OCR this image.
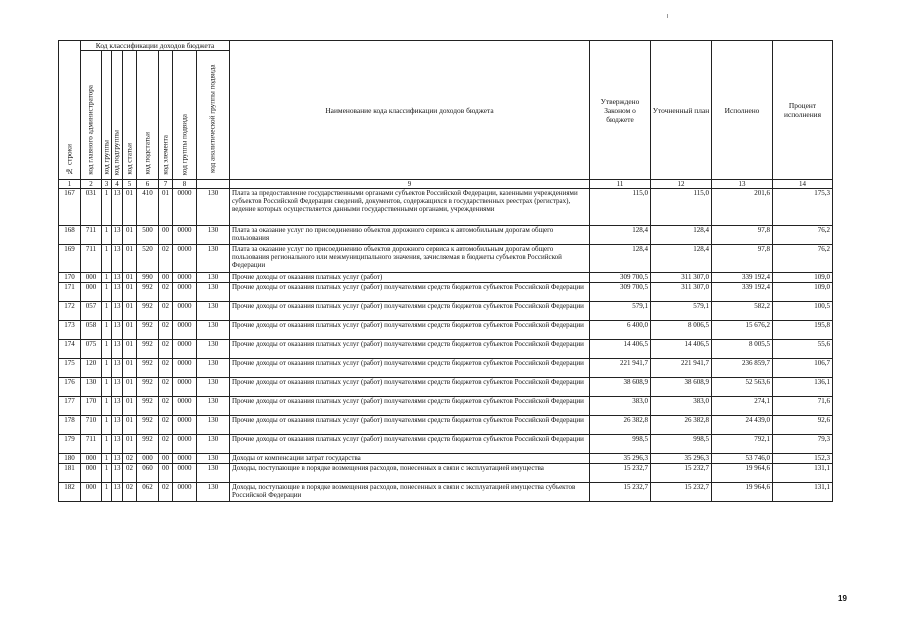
№ строки	Код классификации доходов бюджета								Наименование кода классификации доходов бюджета	Утверждено Законом о бюджете	Уточненный план	Исполнено	Процент исполнения

	код главного администратора	код группы	код подгруппы	код статьи	код подстатьи	код элемента	код группы подвида	код аналитической группы подвида					

1	2	3	4	5	6	7	8		9	11	12	13	14
167	031	1	13	01	410	01	0000	130	Плата за предоставление государственными органами субъектов Российской Федерации, казенными учреждениями субъектов Российской Федерации сведений, документов, содержащихся в государственных реестрах (регистрах), ведение которых осуществляется данными государственными органами, учреждениями	115,0	115,0	201,6	175,3
168	711	1	13	01	500	00	0000	130	Плата за оказание услуг по присоединению объектов дорожного сервиса к автомобильным дорогам общего пользования	128,4	128,4	97,8	76,2
169	711	1	13	01	520	02	0000	130	Плата за оказание услуг по присоединению объектов дорожного сервиса к автомобильным дорогам общего пользования регионального или межмуниципального значения, зачисляемая в бюджеты субъектов Российской Федерации	128,4	128,4	97,8	76,2
170	000	1	13	01	990	00	0000	130	Прочие доходы от оказания платных услуг (работ)	309 700,5	311 307,0	339 192,4	109,0
171	000	1	13	01	992	02	0000	130	Прочие доходы от оказания платных услуг (работ) получателями средств бюджетов субъектов Российской Федерации	309 700,5	311 307,0	339 192,4	109,0
172	057	1	13	01	992	02	0000	130	Прочие доходы от оказания платных услуг (работ) получателями средств бюджетов субъектов Российской Федерации	579,1	579,1	582,2	100,5
173	058	1	13	01	992	02	0000	130	Прочие доходы от оказания платных услуг (работ) получателями средств бюджетов субъектов Российской Федерации	6 400,0	8 006,5	15 676,2	195,8
174	075	1	13	01	992	02	0000	130	Прочие доходы от оказания платных услуг (работ) получателями средств бюджетов субъектов Российской Федерации	14 406,5	14 406,5	8 005,5	55,6
175	120	1	13	01	992	02	0000	130	Прочие доходы от оказания платных услуг (работ) получателями средств бюджетов субъектов Российской Федерации	221 941,7	221 941,7	236 859,7	106,7
176	130	1	13	01	992	02	0000	130	Прочие доходы от оказания платных услуг (работ) получателями средств бюджетов субъектов Российской Федерации	38 608,9	38 608,9	52 563,6	136,1
177	170	1	13	01	992	02	0000	130	Прочие доходы от оказания платных услуг (работ) получателями средств бюджетов субъектов Российской Федерации	383,0	383,0	274,1	71,6
178	710	1	13	01	992	02	0000	130	Прочие доходы от оказания платных услуг (работ) получателями средств бюджетов субъектов Российской Федерации	26 382,8	26 382,8	24 439,0	92,6
179	711	1	13	01	992	02	0000	130	Прочие доходы от оказания платных услуг (работ) получателями средств бюджетов субъектов Российской Федерации	998,5	998,5	792,1	79,3
180	000	1	13	02	000	00	0000	130	Доходы от компенсации затрат государства	35 296,3	35 296,3	53 746,0	152,3
181	000	1	13	02	060	00	0000	130	Доходы, поступающие в порядке возмещения расходов, понесенных в связи с эксплуатацией имущества	15 232,7	15 232,7	19 964,6	131,1
182	000	1	13	02	062	02	0000	130	Доходы, поступающие в порядке возмещения расходов, понесенных в связи с эксплуатацией имущества субъектов Российской Федерации	15 232,7	15 232,7	19 964,6	131,1
19
